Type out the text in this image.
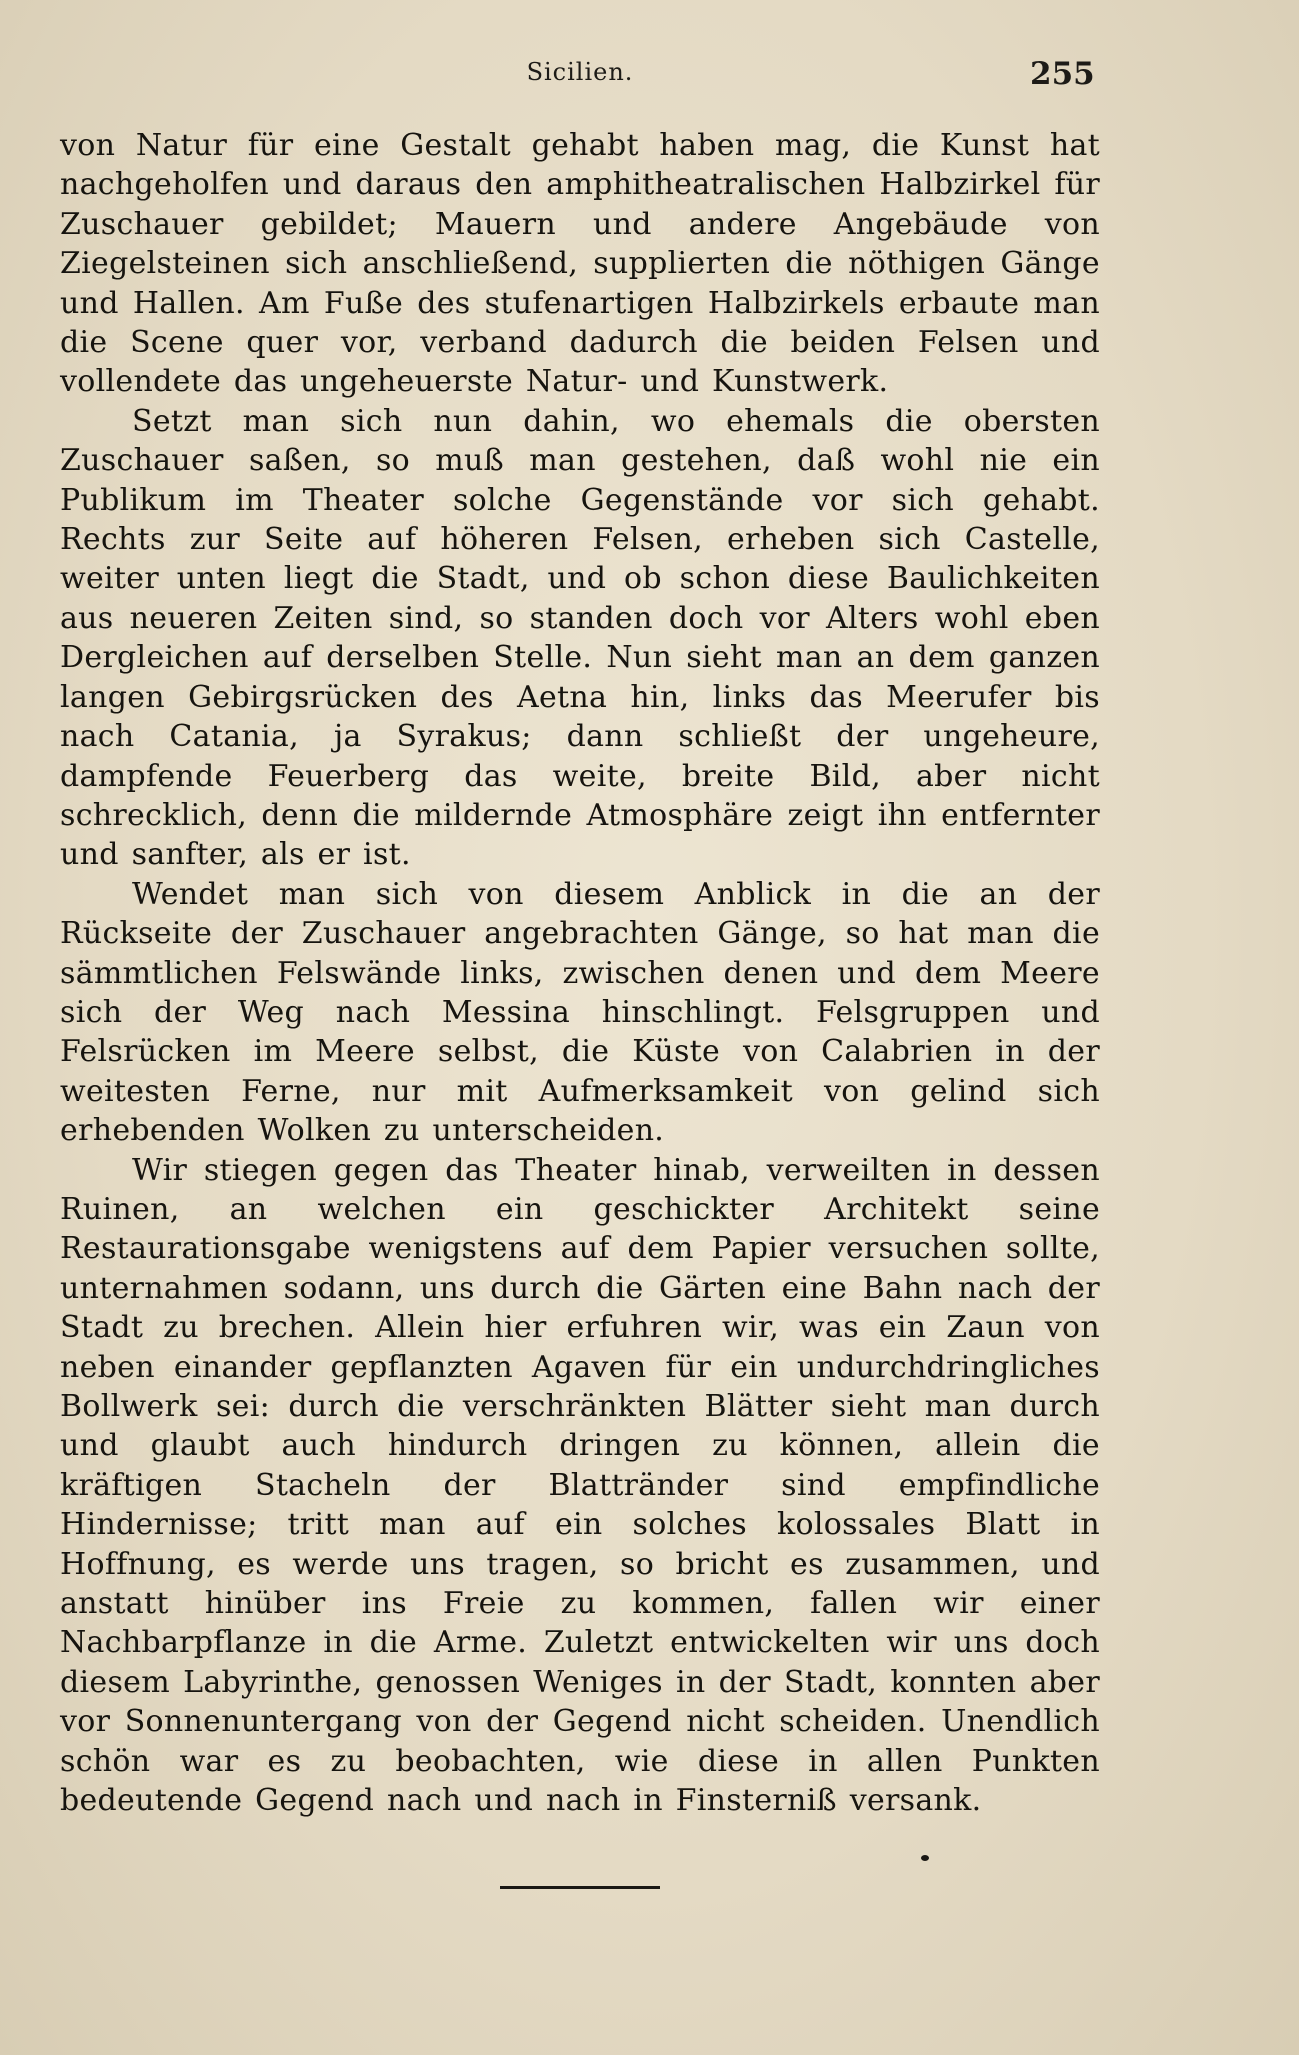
Sicilien.	255

von Natur für eine Gestalt gehabt haben mag, die Kunst hat nachgeholfen und daraus den amphitheatralischen Halbzirkel für Zuschauer gebildet; Mauern und andere Angebäude von Ziegelsteinen sich anschließend, supplierten die nöthigen Gänge und Hallen. Am Fuße des stufenartigen Halbzirkels erbaute man die Scene quer vor, verband dadurch die beiden Felsen und vollendete das ungeheuerste Natur- und Kunstwerk.

Setzt man sich nun dahin, wo ehemals die obersten Zuschauer saßen, so muß man gestehen, daß wohl nie ein Publikum im Theater solche Gegenstände vor sich gehabt. Rechts zur Seite auf höheren Felsen, erheben sich Castelle, weiter unten liegt die Stadt, und ob schon diese Baulichkeiten aus neueren Zeiten sind, so standen doch vor Alters wohl eben Dergleichen auf derselben Stelle. Nun sieht man an dem ganzen langen Gebirgsrücken des Aetna hin, links das Meerufer bis nach Catania, ja Syrakus; dann schließt der ungeheure, dampfende Feuerberg das weite, breite Bild, aber nicht schrecklich, denn die mildernde Atmosphäre zeigt ihn entfernter und sanfter, als er ist.

Wendet man sich von diesem Anblick in die an der Rückseite der Zuschauer angebrachten Gänge, so hat man die sämmtlichen Felswände links, zwischen denen und dem Meere sich der Weg nach Messina hinschlingt. Felsgruppen und Felsrücken im Meere selbst, die Küste von Calabrien in der weitesten Ferne, nur mit Aufmerksamkeit von gelind sich erhebenden Wolken zu unterscheiden.

Wir stiegen gegen das Theater hinab, verweilten in dessen Ruinen, an welchen ein geschickter Architekt seine Restaurationsgabe wenigstens auf dem Papier versuchen sollte, unternahmen sodann, uns durch die Gärten eine Bahn nach der Stadt zu brechen. Allein hier erfuhren wir, was ein Zaun von neben einander gepflanzten Agaven für ein undurchdringliches Bollwerk sei: durch die verschränkten Blätter sieht man durch und glaubt auch hindurch dringen zu können, allein die kräftigen Stacheln der Blattränder sind empfindliche Hindernisse; tritt man auf ein solches kolossales Blatt in Hoffnung, es werde uns tragen, so bricht es zusammen, und anstatt hinüber ins Freie zu kommen, fallen wir einer Nachbarpflanze in die Arme. Zuletzt entwickelten wir uns doch diesem Labyrinthe, genossen Weniges in der Stadt, konnten aber vor Sonnenuntergang von der Gegend nicht scheiden. Unendlich schön war es zu beobachten, wie diese in allen Punkten bedeutende Gegend nach und nach in Finsterniß versank.
